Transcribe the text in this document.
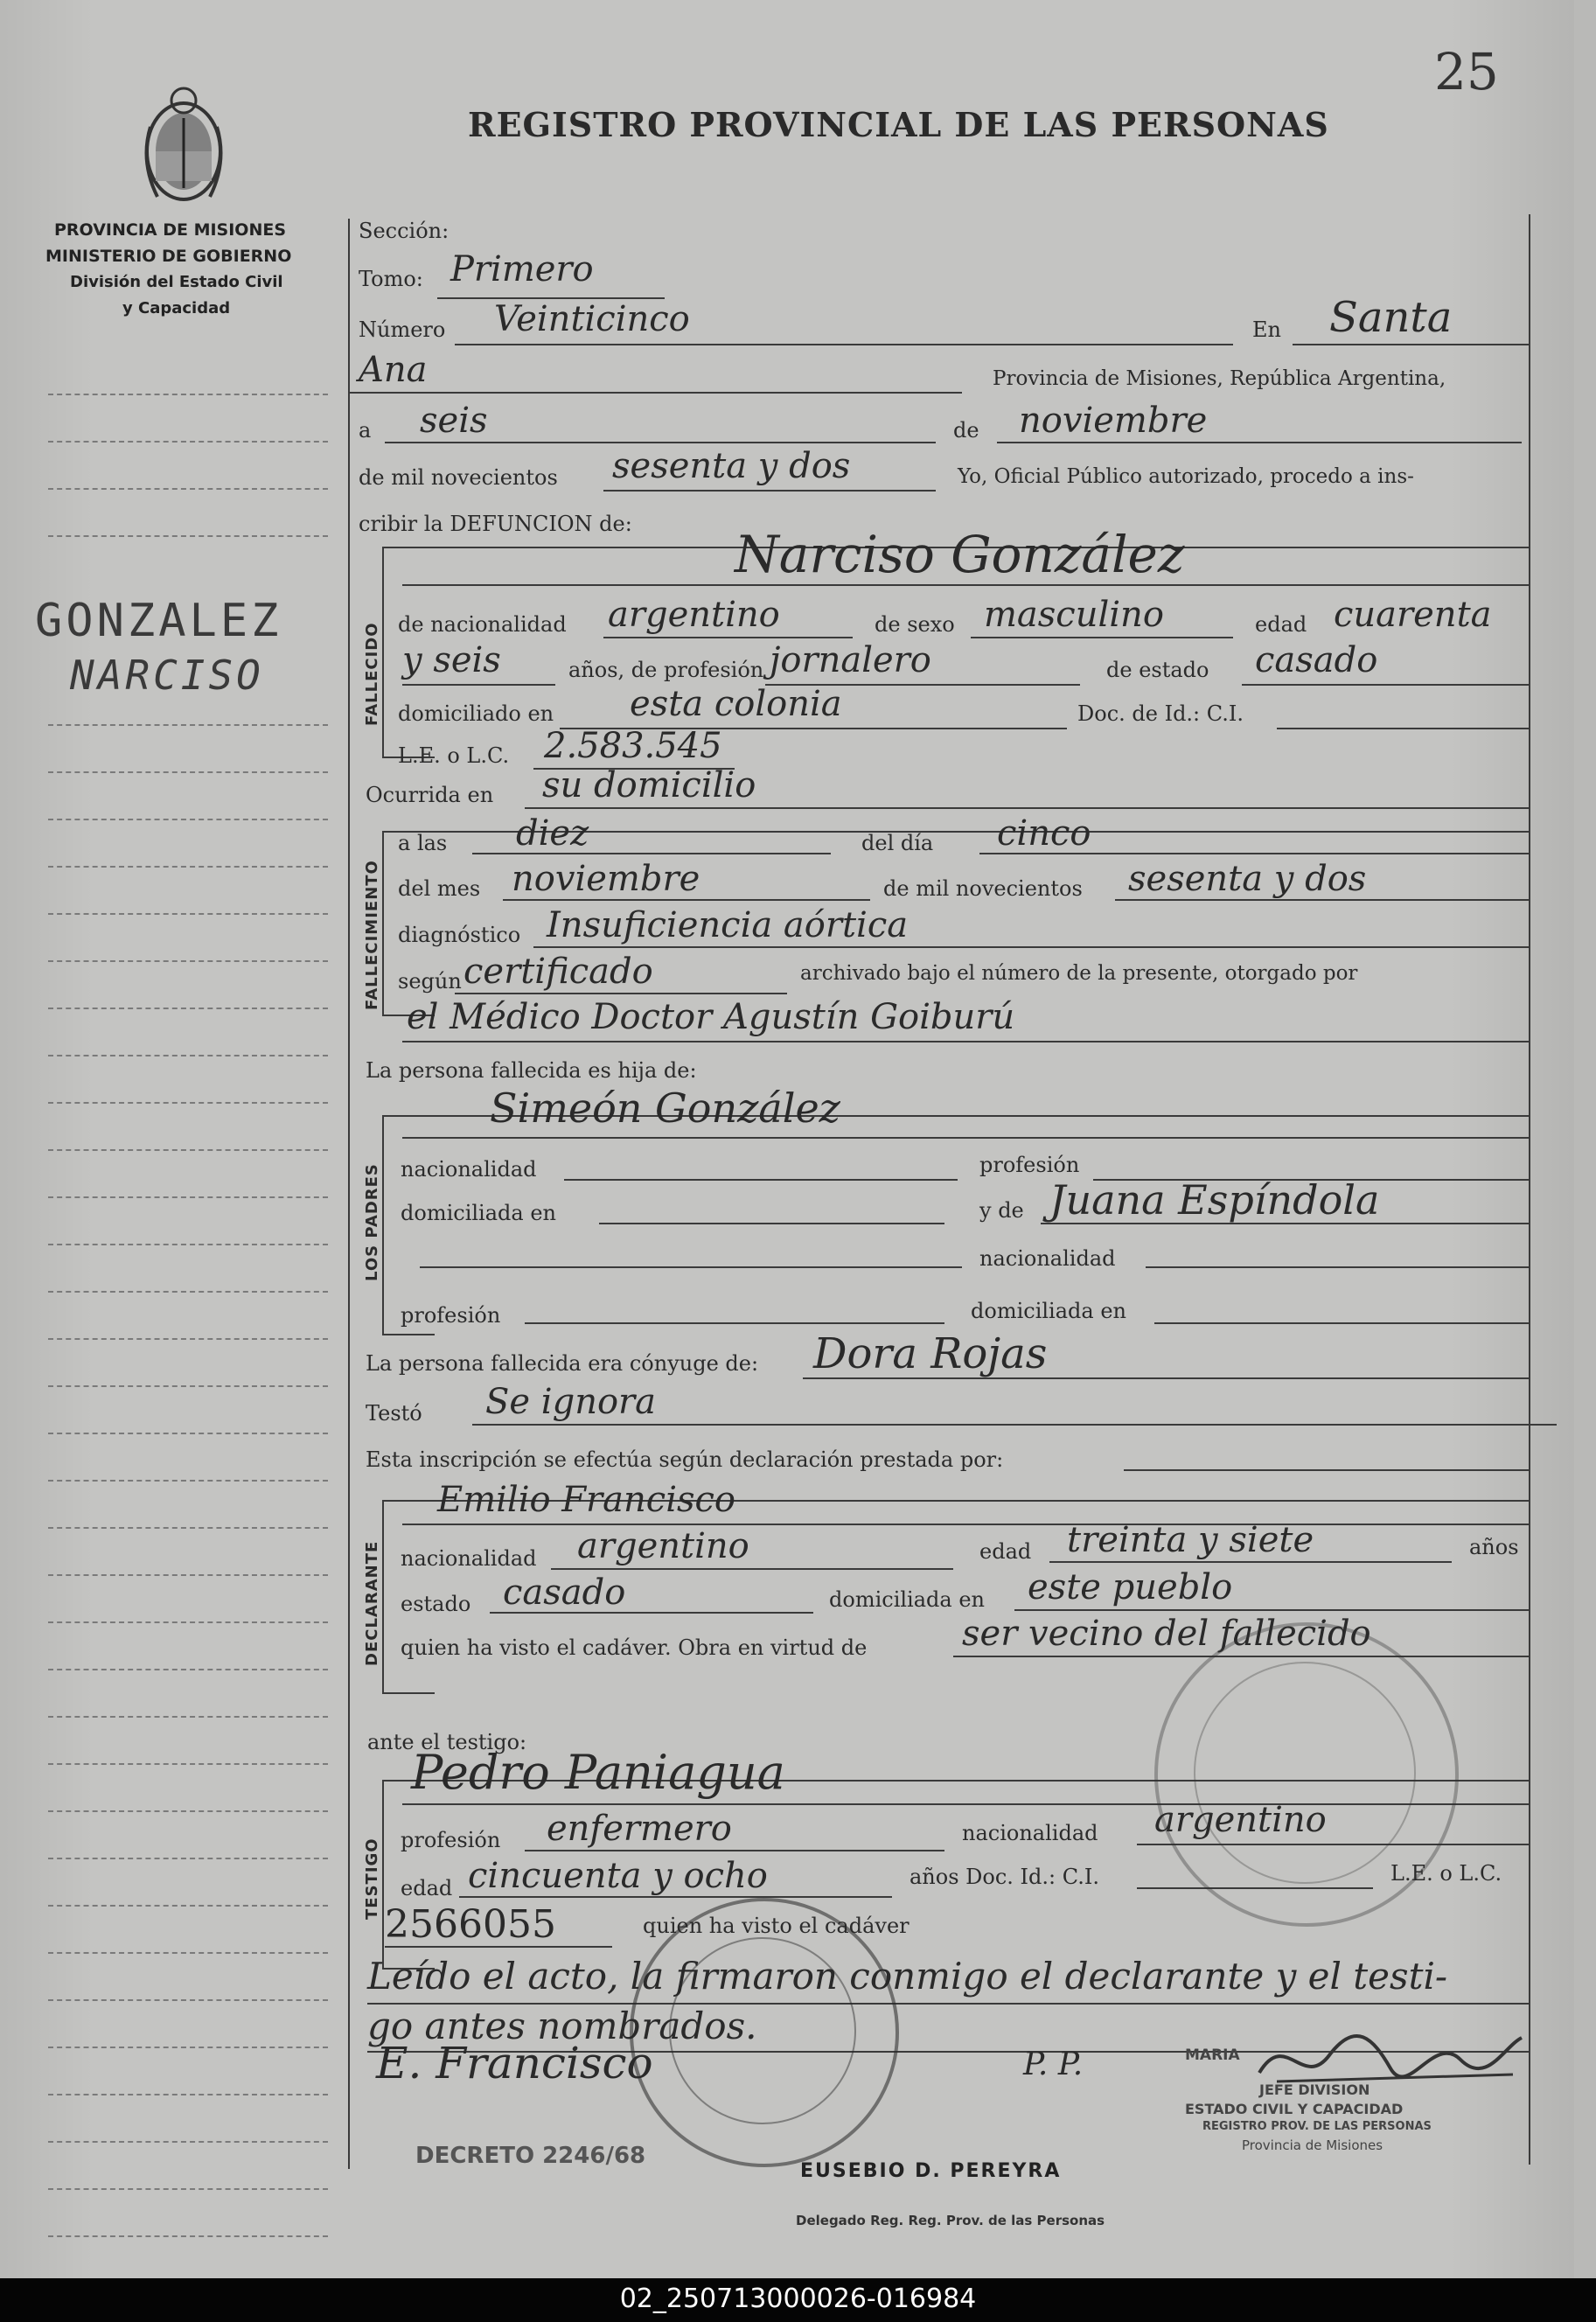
25
REGISTRO PROVINCIAL DE LAS PERSONAS
PROVINCIA DE MISIONES
MINISTERIO DE GOBIERNO
División del Estado Civil
y Capacidad
GONZALEZ
NARCISO	FALLECIDO
FALLECIMIENTO
LOS PADRES
DECLARANTE
TESTIGO
Sección:
Tomo: Primero
Número Veinticinco	En Santa
Ana	Provincia de Misiones, República Argentina,
a seis	de noviembre
de mil novecientos sesenta y dos	Yo, Oficial Público autorizado, procedo a ins-
cribir la DEFUNCION de:
Narciso González
de nacionalidad argentino	de sexo masculino	edad cuarenta
y seis	años, de profesión jornalero	de estado casado
domiciliado en esta colonia	Doc. de Id.: C.I.
L.E. o L.C. 2.583.545
Ocurrida en su domicilio
a las diez	del día cinco
del mes noviembre	de mil novecientos sesenta y dos
diagnóstico Insuficiencia aórtica
según certificado	archivado bajo el número de la presente, otorgado por
el Médico Doctor Agustín Goiburú
La persona fallecida es hija de:
Simeón González
nacionalidad	profesión
domiciliada en	y de Juana Espíndola
nacionalidad
profesión	domiciliada en
La persona fallecida era cónyuge de: Dora Rojas
Testó Se ignora
Esta inscripción se efectúa según declaración prestada por:
Emilio Francisco
nacionalidad argentino	edad treinta y siete	años
estado casado	domiciliada en este pueblo
quien ha visto el cadáver. Obra en virtud de	ser vecino del fallecido
ante el testigo:
Pedro Paniagua
profesión enfermero	nacionalidad argentino
edad cincuenta y ocho	años Doc. Id.: C.I.	L.E. o L.C.
2566055	quien ha visto el cadáver
Leído el acto, la firmaron conmigo el declarante y el testi-
go antes nombrados.
E. Francisco	P. P.
DECRETO 2246/68
EUSEBIO D. PEREYRA
Delegado Reg. Reg. Prov. de las Personas
MARIA
JEFE DIVISION
ESTADO CIVIL Y CAPACIDAD
REGISTRO PROV. DE LAS PERSONAS
Provincia de Misiones
02_250713000026-016984
